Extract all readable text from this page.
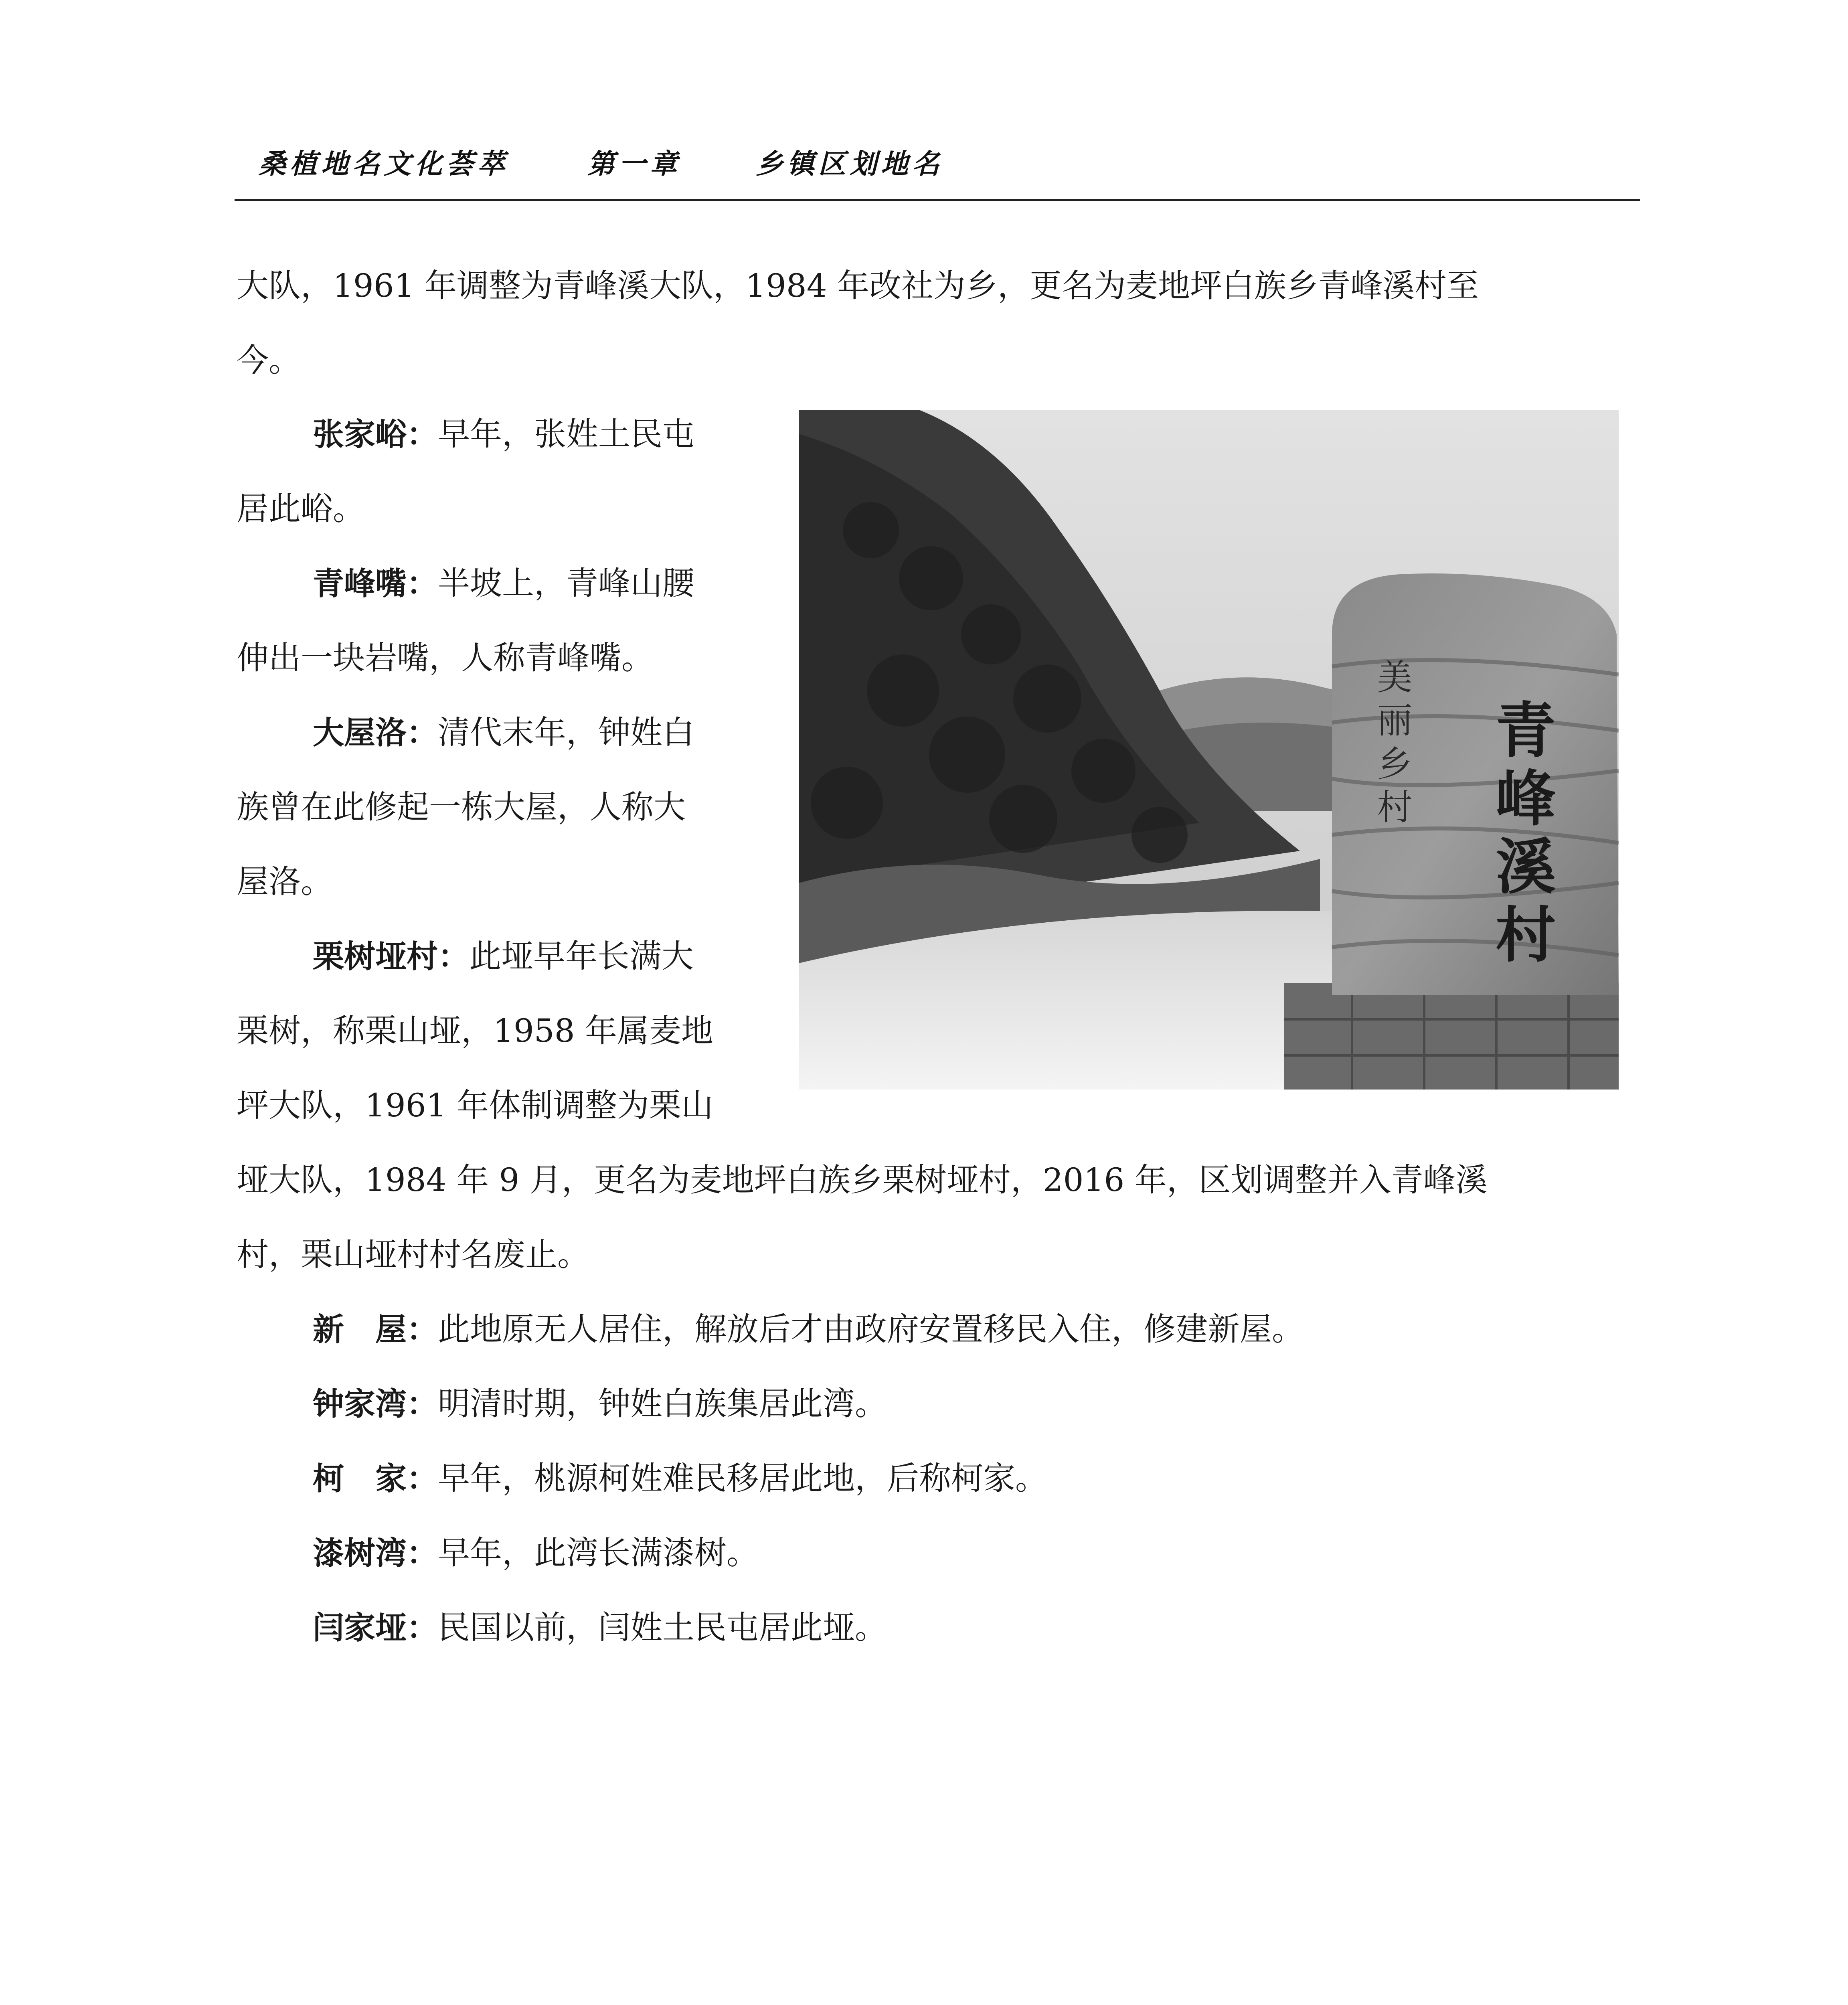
桑植地名文化荟萃	第一章	乡镇区划地名

大队，1961 年调整为青峰溪大队，1984 年改社为乡，更名为麦地坪白族乡青峰溪村至

今。

张家峪：早年，张姓土民屯

居此峪。

青峰嘴：半坡上，青峰山腰

伸出一块岩嘴，人称青峰嘴。

大屋洛：清代末年，钟姓白

族曾在此修起一栋大屋，人称大

屋洛。

栗树垭村：此垭早年长满大

栗树，称栗山垭，1958 年属麦地

坪大队，1961 年体制调整为栗山

垭大队，1984 年 9 月，更名为麦地坪白族乡栗树垭村，2016 年，区划调整并入青峰溪

村，栗山垭村村名废止。

新　屋：此地原无人居住，解放后才由政府安置移民入住，修建新屋。

钟家湾：明清时期，钟姓白族集居此湾。

柯　家：早年，桃源柯姓难民移居此地，后称柯家。

漆树湾：早年，此湾长满漆树。

闫家垭：民国以前，闫姓土民屯居此垭。

美丽乡村 青峰溪村
